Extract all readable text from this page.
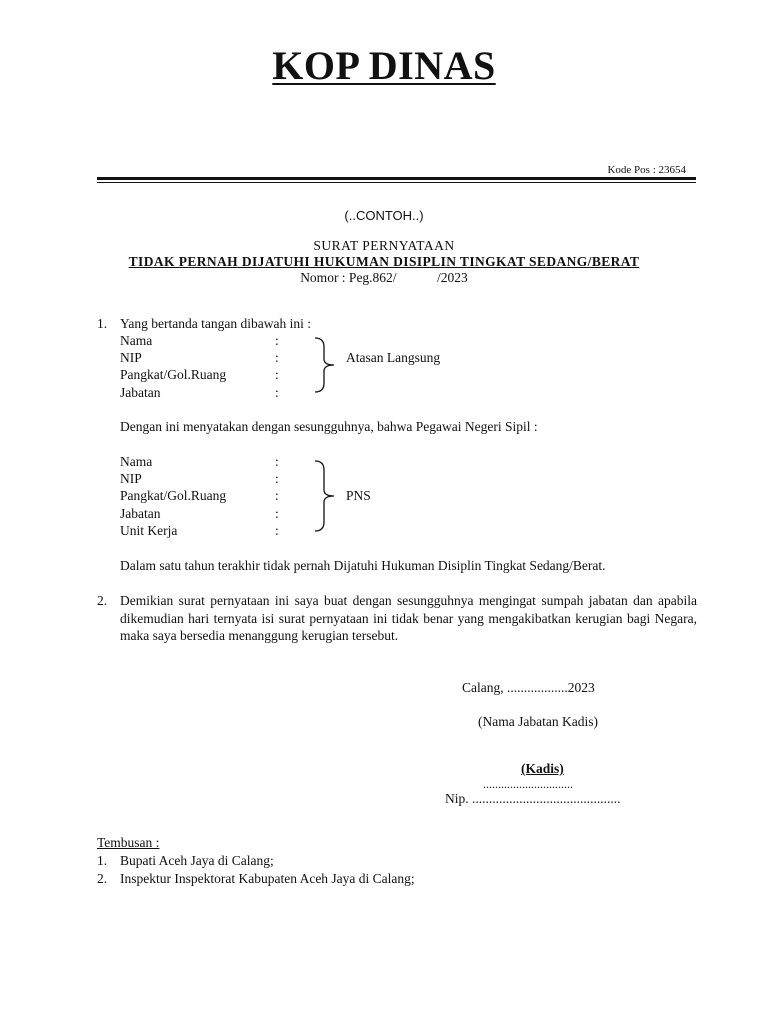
KOP DINAS
Kode Pos : 23654
(..CONTOH..)
SURAT PERNYATAAN
TIDAK PERNAH DIJATUHI HUKUMAN DISIPLIN TINGKAT SEDANG/BERAT
Nomor : Peg.862/            /2023
1. Yang bertanda tangan dibawah ini :
Nama
NIP
Pangkat/Gol.Ruang
Jabatan
:
:
:
:
Atasan Langsung
Dengan ini menyatakan dengan sesungguhnya, bahwa Pegawai Negeri Sipil :
Nama
NIP
Pangkat/Gol.Ruang
Jabatan
Unit Kerja
:
:
:
:
:
PNS
Dalam satu tahun terakhir tidak pernah Dijatuhi Hukuman Disiplin Tingkat Sedang/Berat.
2. Demikian surat pernyataan ini saya buat dengan sesungguhnya mengingat sumpah jabatan dan apabila dikemudian hari ternyata isi surat pernyataan ini tidak benar yang mengakibatkan kerugian bagi Negara, maka saya bersedia menanggung kerugian tersebut.
Calang, ..................2023
(Nama Jabatan Kadis)
(Kadis)
..............................
Nip. ............................................
Tembusan :
1. Bupati Aceh Jaya di Calang;
2. Inspektur Inspektorat Kabupaten Aceh Jaya di Calang;
